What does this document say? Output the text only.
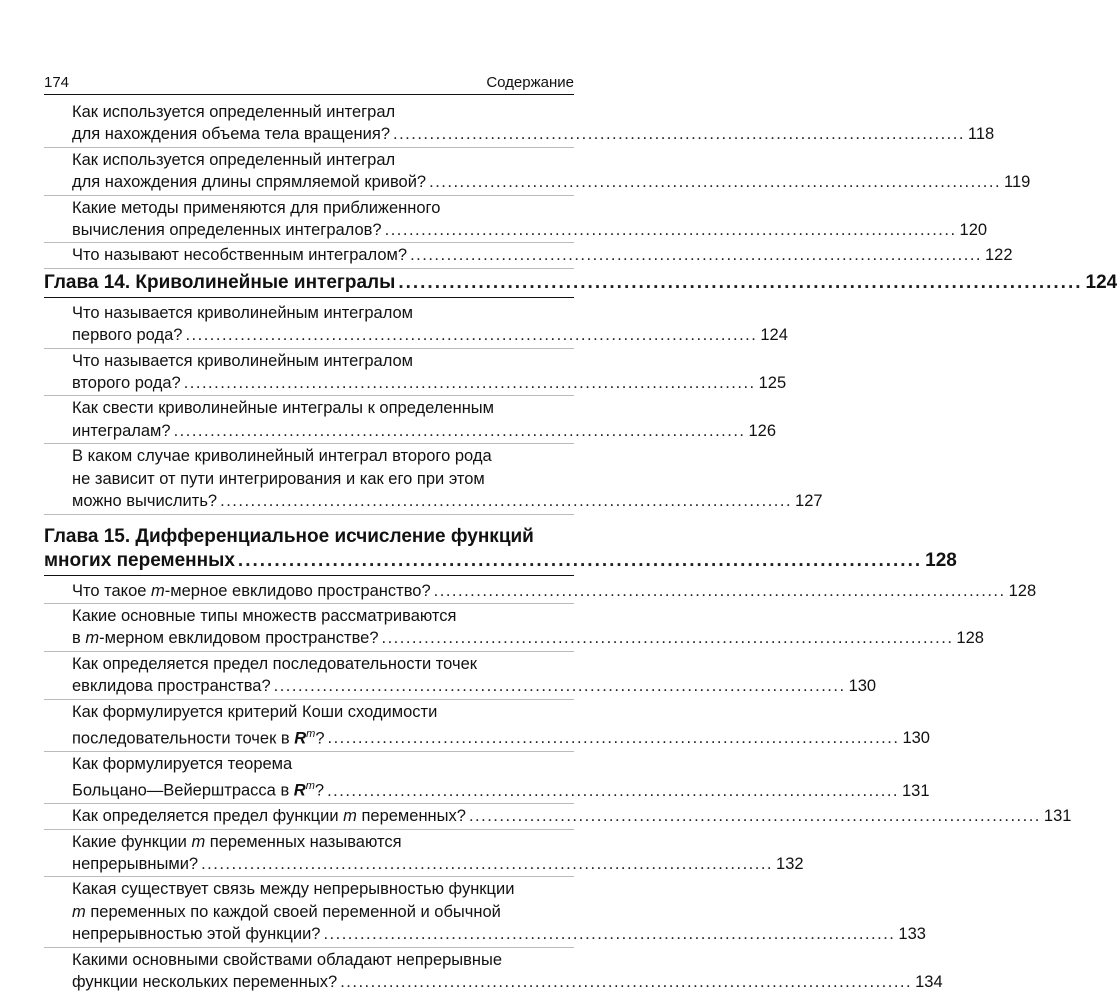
174	Содержание
Как используется определенный интеграл
для нахождения объема тела вращения? .............................................................................................. 118
Как используется определенный интеграл
для нахождения длины спрямляемой кривой? .............................................................................................. 119
Какие методы применяются для приближенного
вычисления определенных интегралов? .............................................................................................. 120
Что называют несобственным интегралом? .............................................................................................. 122
Глава 14. Криволинейные интегралы .............................................................................................. 124
Что называется криволинейным интегралом
первого рода? .............................................................................................. 124
Что называется криволинейным интегралом
второго рода? .............................................................................................. 125
Как свести криволинейные интегралы к определенным
интегралам? .............................................................................................. 126
В каком случае криволинейный интеграл второго рода
не зависит от пути интегрирования и как его при этом
можно вычислить? .............................................................................................. 127
Глава 15. Дифференциальное исчисление функций
многих переменных .............................................................................................. 128
Что такое m-мерное евклидово пространство? .............................................................................................. 128
Какие основные типы множеств рассматриваются
в m-мерном евклидовом пространстве? .............................................................................................. 128
Как определяется предел последовательности точек
евклидова пространства? .............................................................................................. 130
Как формулируется критерий Коши сходимости
последовательности точек в $R^m$? .............................................................................................. 130
Как формулируется теорема
Больцано—Вейерштрасса в $R^m$? .............................................................................................. 131
Как определяется предел функции m переменных? .............................................................................................. 131
Какие функции m переменных называются
непрерывными? .............................................................................................. 132
Какая существует связь между непрерывностью функции
m переменных по каждой своей переменной и обычной
непрерывностью этой функции? .............................................................................................. 133
Какими основными свойствами обладают непрерывные
функции нескольких переменных? .............................................................................................. 134
